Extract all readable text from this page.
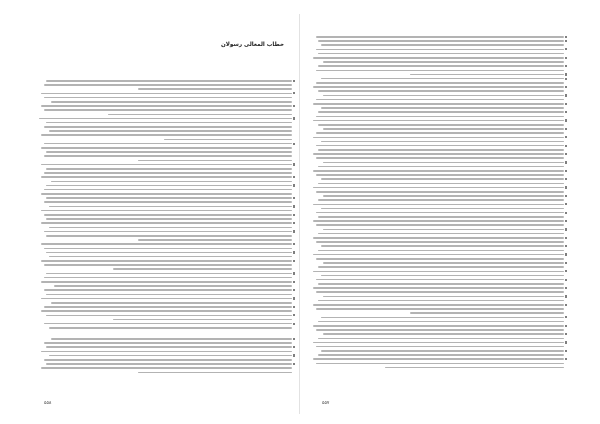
خطاب المعالى رسولان
۵۵۸	۵۵۷
